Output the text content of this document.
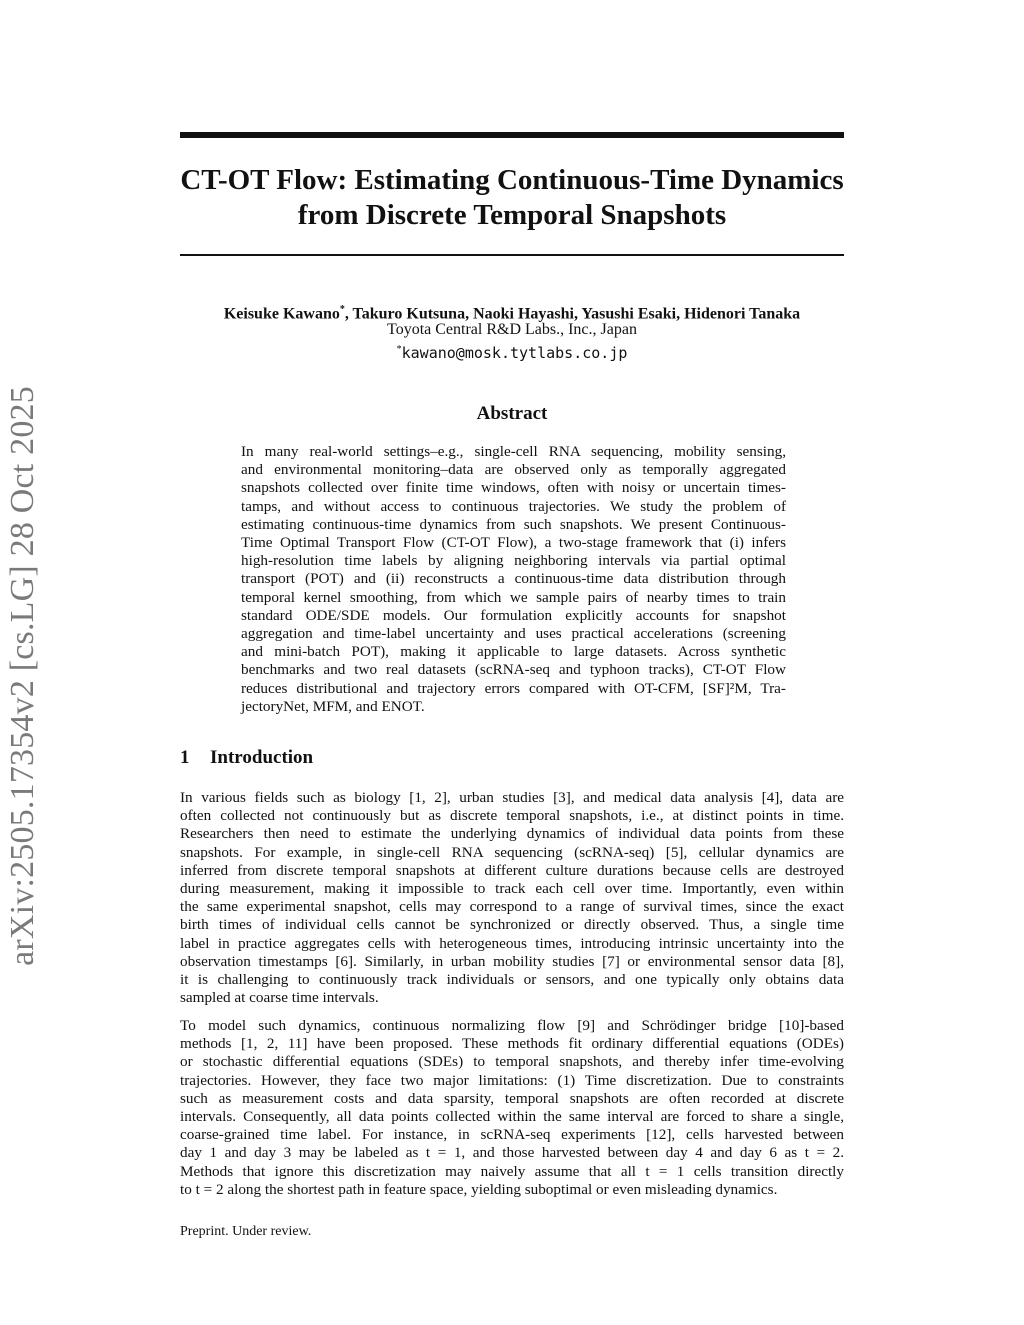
arXiv:2505.17354v2 [cs.LG] 28 Oct 2025
CT-OT Flow: Estimating Continuous-Time Dynamics
from Discrete Temporal Snapshots
Keisuke Kawano*, Takuro Kutsuna, Naoki Hayashi, Yasushi Esaki, Hidenori Tanaka
Toyota Central R&D Labs., Inc., Japan
*kawano@mosk.tytlabs.co.jp
Abstract
In many real-world settings–e.g., single-cell RNA sequencing, mobility sensing,
and environmental monitoring–data are observed only as temporally aggregated
snapshots collected over finite time windows, often with noisy or uncertain times-
tamps, and without access to continuous trajectories. We study the problem of
estimating continuous-time dynamics from such snapshots. We present Continuous-
Time Optimal Transport Flow (CT-OT Flow), a two-stage framework that (i) infers
high-resolution time labels by aligning neighboring intervals via partial optimal
transport (POT) and (ii) reconstructs a continuous-time data distribution through
temporal kernel smoothing, from which we sample pairs of nearby times to train
standard ODE/SDE models. Our formulation explicitly accounts for snapshot
aggregation and time-label uncertainty and uses practical accelerations (screening
and mini-batch POT), making it applicable to large datasets. Across synthetic
benchmarks and two real datasets (scRNA-seq and typhoon tracks), CT-OT Flow
reduces distributional and trajectory errors compared with OT-CFM, [SF]²M, Tra-
jectoryNet, MFM, and ENOT.
1 Introduction
In various fields such as biology [1, 2], urban studies [3], and medical data analysis [4], data are
often collected not continuously but as discrete temporal snapshots, i.e., at distinct points in time.
Researchers then need to estimate the underlying dynamics of individual data points from these
snapshots. For example, in single-cell RNA sequencing (scRNA-seq) [5], cellular dynamics are
inferred from discrete temporal snapshots at different culture durations because cells are destroyed
during measurement, making it impossible to track each cell over time. Importantly, even within
the same experimental snapshot, cells may correspond to a range of survival times, since the exact
birth times of individual cells cannot be synchronized or directly observed. Thus, a single time
label in practice aggregates cells with heterogeneous times, introducing intrinsic uncertainty into the
observation timestamps [6]. Similarly, in urban mobility studies [7] or environmental sensor data [8],
it is challenging to continuously track individuals or sensors, and one typically only obtains data
sampled at coarse time intervals.
To model such dynamics, continuous normalizing flow [9] and Schrödinger bridge [10]-based
methods [1, 2, 11] have been proposed. These methods fit ordinary differential equations (ODEs)
or stochastic differential equations (SDEs) to temporal snapshots, and thereby infer time-evolving
trajectories. However, they face two major limitations: (1) Time discretization. Due to constraints
such as measurement costs and data sparsity, temporal snapshots are often recorded at discrete
intervals. Consequently, all data points collected within the same interval are forced to share a single,
coarse-grained time label. For instance, in scRNA-seq experiments [12], cells harvested between
day 1 and day 3 may be labeled as t = 1, and those harvested between day 4 and day 6 as t = 2.
Methods that ignore this discretization may naively assume that all t = 1 cells transition directly
to t = 2 along the shortest path in feature space, yielding suboptimal or even misleading dynamics.
Preprint. Under review.
